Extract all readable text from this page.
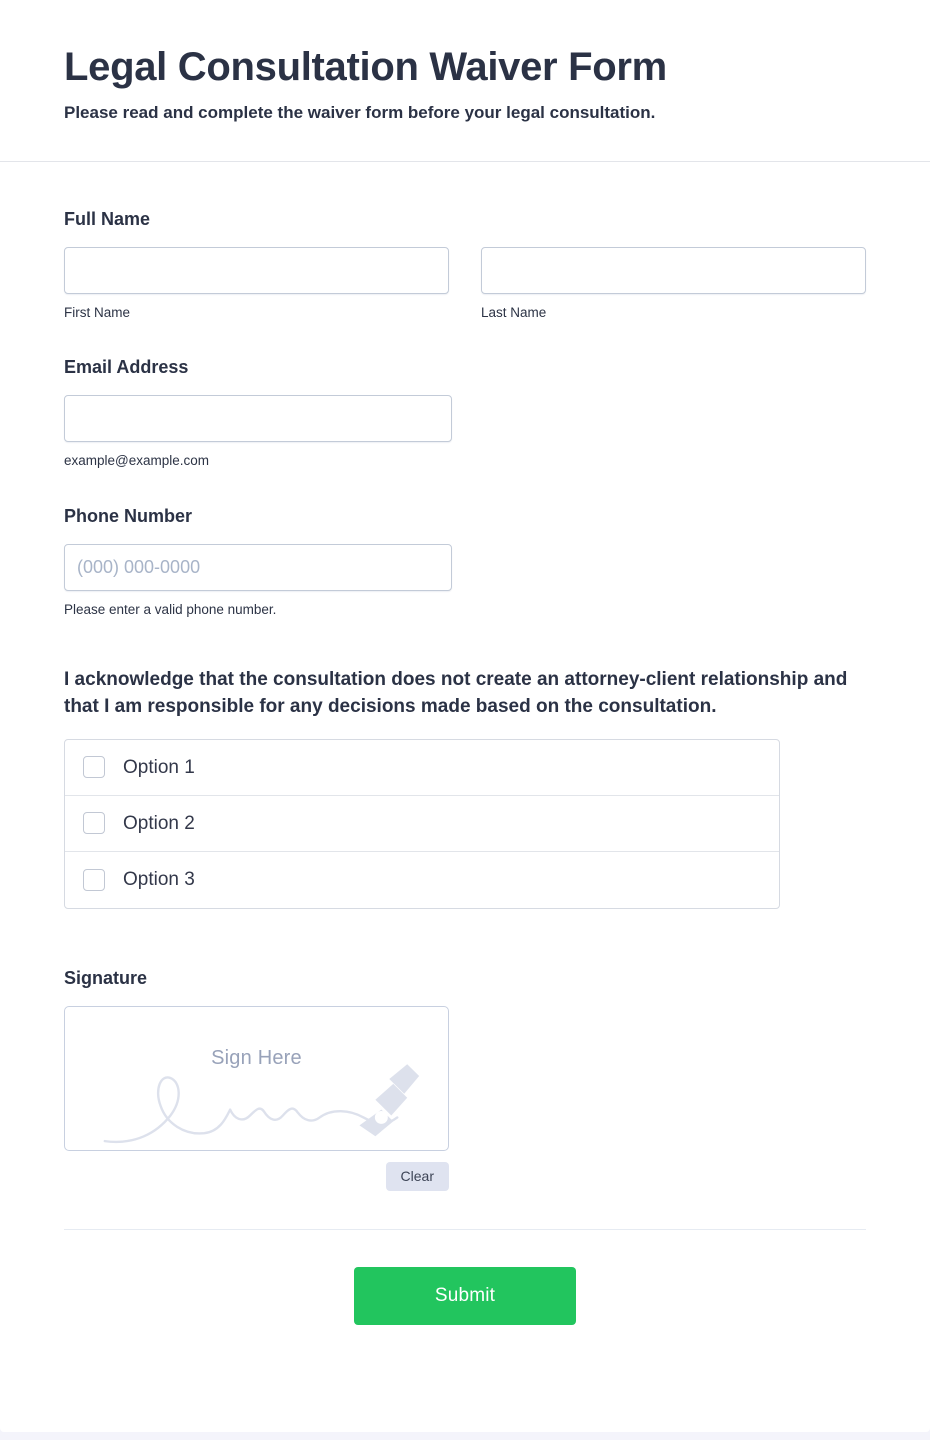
Legal Consultation Waiver Form

Please read and complete the waiver form before your legal consultation.

Full Name
First Name	Last Name
Email Address
example@example.com
Phone Number
(000) 000-0000
Please enter a valid phone number.
I acknowledge that the consultation does not create an attorney-client relationship and that I am responsible for any decisions made based on the consultation.
Option 1
Option 2
Option 3
Signature
Sign Here
Clear
Submit
